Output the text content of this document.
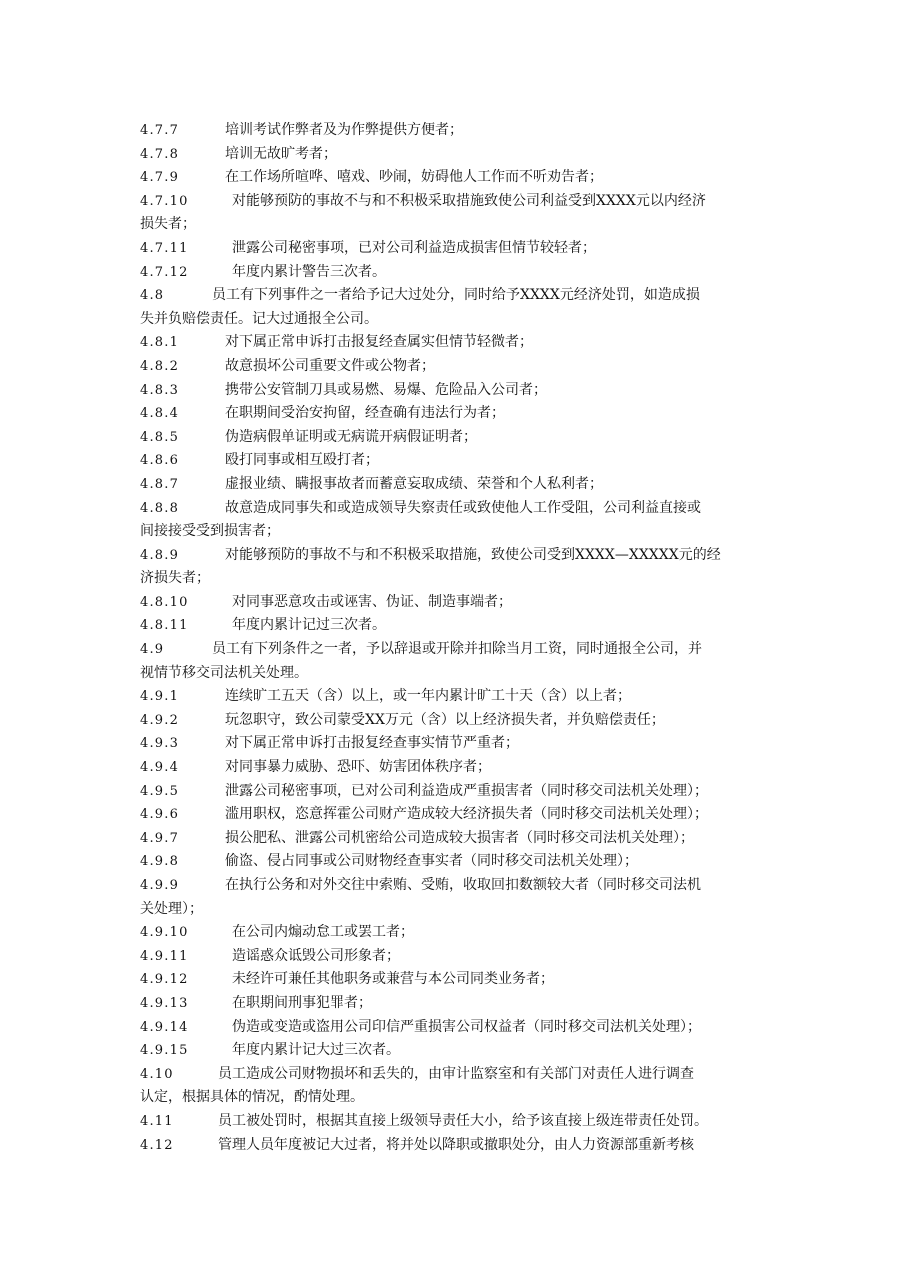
4.7.7	培训考试作弊者及为作弊提供方便者；
4.7.8	培训无故旷考者；
4.7.9	在工作场所喧哗、嘻戏、吵闹，妨碍他人工作而不听劝告者；
4.7.10	对能够预防的事故不与和不积极采取措施致使公司利益受到XXXX元以内经济
损失者；
4.7.11	泄露公司秘密事项，已对公司利益造成损害但情节较轻者；
4.7.12	年度内累计警告三次者。
4.8	员工有下列事件之一者给予记大过处分，同时给予XXXX元经济处罚，如造成损
失并负赔偿责任。记大过通报全公司。
4.8.1	对下属正常申诉打击报复经查属实但情节轻微者；
4.8.2	故意损坏公司重要文件或公物者；
4.8.3	携带公安管制刀具或易燃、易爆、危险品入公司者；
4.8.4	在职期间受治安拘留，经查确有违法行为者；
4.8.5	伪造病假单证明或无病谎开病假证明者；
4.8.6	殴打同事或相互殴打者；
4.8.7	虚报业绩、瞒报事故者而蓄意妄取成绩、荣誉和个人私利者；
4.8.8	故意造成同事失和或造成领导失察责任或致使他人工作受阻，公司利益直接或
间接接受受到损害者；
4.8.9	对能够预防的事故不与和不积极采取措施，致使公司受到XXXX—XXXXX元的经
济损失者；
4.8.10	对同事恶意攻击或诬害、伪证、制造事端者；
4.8.11	年度内累计记过三次者。
4.9	员工有下列条件之一者，予以辞退或开除并扣除当月工资，同时通报全公司，并
视情节移交司法机关处理。
4.9.1	连续旷工五天（含）以上，或一年内累计旷工十天（含）以上者；
4.9.2	玩忽职守，致公司蒙受XX万元（含）以上经济损失者，并负赔偿责任；
4.9.3	对下属正常申诉打击报复经查事实情节严重者；
4.9.4	对同事暴力威胁、恐吓、妨害团体秩序者；
4.9.5	泄露公司秘密事项，已对公司利益造成严重损害者（同时移交司法机关处理）；
4.9.6	滥用职权，恣意挥霍公司财产造成较大经济损失者（同时移交司法机关处理）；
4.9.7	损公肥私、泄露公司机密给公司造成较大损害者（同时移交司法机关处理）；
4.9.8	偷盗、侵占同事或公司财物经查事实者（同时移交司法机关处理）；
4.9.9	在执行公务和对外交往中索贿、受贿，收取回扣数额较大者（同时移交司法机
关处理）；
4.9.10	在公司内煽动怠工或罢工者；
4.9.11	造谣惑众诋毁公司形象者；
4.9.12	未经许可兼任其他职务或兼营与本公司同类业务者；
4.9.13	在职期间刑事犯罪者；
4.9.14	伪造或变造或盗用公司印信严重损害公司权益者（同时移交司法机关处理）；
4.9.15	年度内累计记大过三次者。
4.10	员工造成公司财物损坏和丢失的，由审计监察室和有关部门对责任人进行调查
认定，根据具体的情况，酌情处理。
4.11	员工被处罚时，根据其直接上级领导责任大小，给予该直接上级连带责任处罚。
4.12	管理人员年度被记大过者，将并处以降职或撤职处分，由人力资源部重新考核
